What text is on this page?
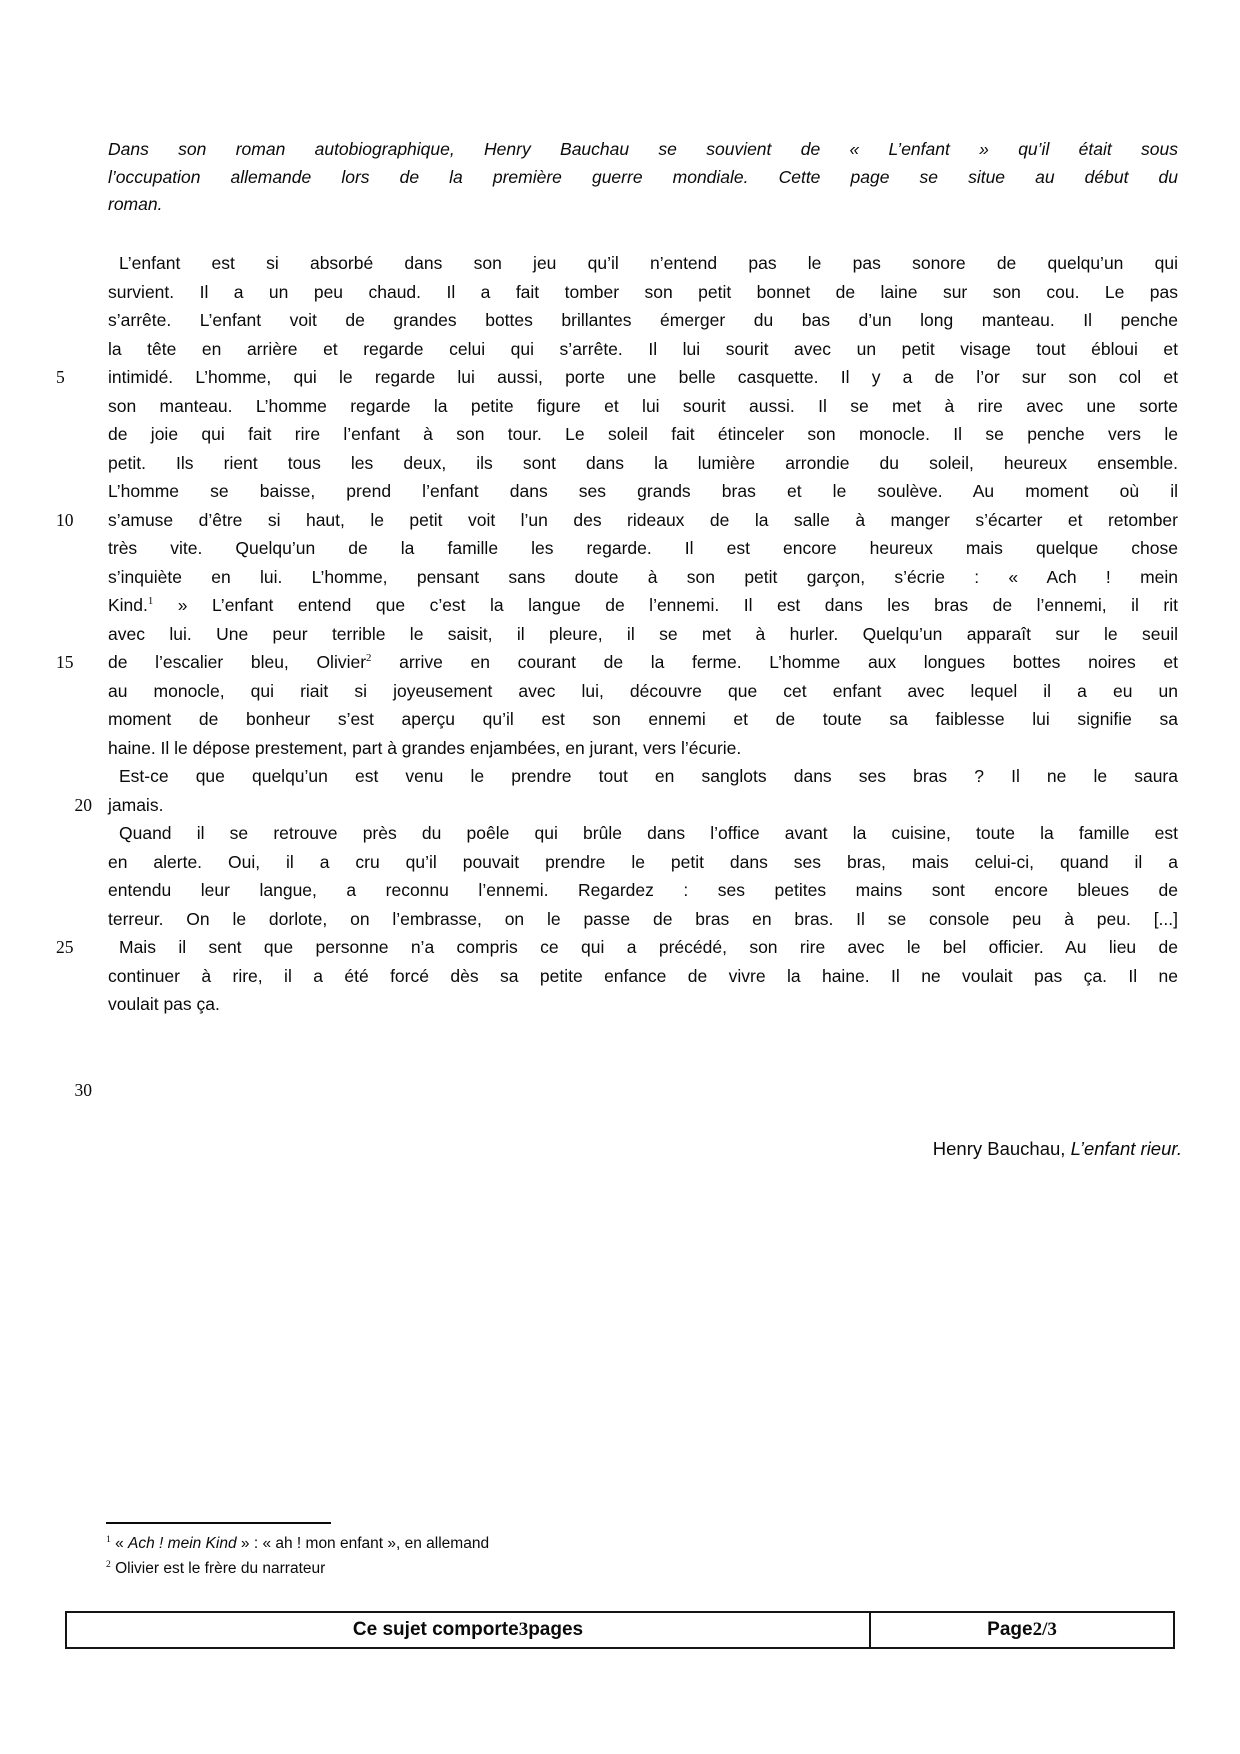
Dans son roman autobiographique, Henry Bauchau se souvient de « L’enfant » qu’il était sous
l’occupation allemande lors de la première guerre mondiale. Cette page se situe au début du
roman.
L’enfant est si absorbé dans son jeu qu’il n’entend pas le pas sonore de quelqu’un qui
survient. Il a un peu chaud. Il a fait tomber son petit bonnet de laine sur son cou. Le pas
s’arrête. L’enfant voit de grandes bottes brillantes émerger du bas d’un long manteau. Il penche
la tête en arrière et regarde celui qui s’arrête. Il lui sourit avec un petit visage tout ébloui et
5	intimidé. L’homme, qui le regarde lui aussi, porte une belle casquette. Il y a de l’or sur son col et
son manteau. L’homme regarde la petite figure et lui sourit aussi. Il se met à rire avec une sorte
de joie qui fait rire l’enfant à son tour. Le soleil fait étinceler son monocle. Il se penche vers le
petit. Ils rient tous les deux, ils sont dans la lumière arrondie du soleil, heureux ensemble.
L’homme se baisse, prend l’enfant dans ses grands bras et le soulève. Au moment où il
10	s’amuse d’être si haut, le petit voit l’un des rideaux de la salle à manger s’écarter et retomber
très vite. Quelqu’un de la famille les regarde. Il est encore heureux mais quelque chose
s’inquiète en lui. L’homme, pensant sans doute à son petit garçon, s’écrie : « Ach ! mein
Kind.$^1$ » L’enfant entend que c’est la langue de l’ennemi. Il est dans les bras de l’ennemi, il rit
avec lui. Une peur terrible le saisit, il pleure, il se met à hurler. Quelqu’un apparaît sur le seuil
15	de l’escalier bleu, Olivier$^2$ arrive en courant de la ferme. L’homme aux longues bottes noires et
au monocle, qui riait si joyeusement avec lui, découvre que cet enfant avec lequel il a eu un
moment de bonheur s’est aperçu qu’il est son ennemi et de toute sa faiblesse lui signifie sa
haine. Il le dépose prestement, part à grandes enjambées, en jurant, vers l’écurie.
Est-ce que quelqu’un est venu le prendre tout en sanglots dans ses bras ? Il ne le saura
20 jamais.
Quand il se retrouve près du poêle qui brûle dans l’office avant la cuisine, toute la famille est
en alerte. Oui, il a cru qu’il pouvait prendre le petit dans ses bras, mais celui-ci, quand il a
entendu leur langue, a reconnu l’ennemi. Regardez : ses petites mains sont encore bleues de
terreur. On le dorlote, on l’embrasse, on le passe de bras en bras. Il se console peu à peu. [...]
25	Mais il sent que personne n’a compris ce qui a précédé, son rire avec le bel officier. Au lieu de
continuer à rire, il a été forcé dès sa petite enfance de vivre la haine. Il ne voulait pas ça. Il ne
voulait pas ça.
30
Henry Bauchau, L’enfant rieur.
$^1$ « Ach ! mein Kind » : « ah ! mon enfant », en allemand
$^2$ Olivier est le frère du narrateur
Ce sujet comporte 3 pages	Page 2/3
